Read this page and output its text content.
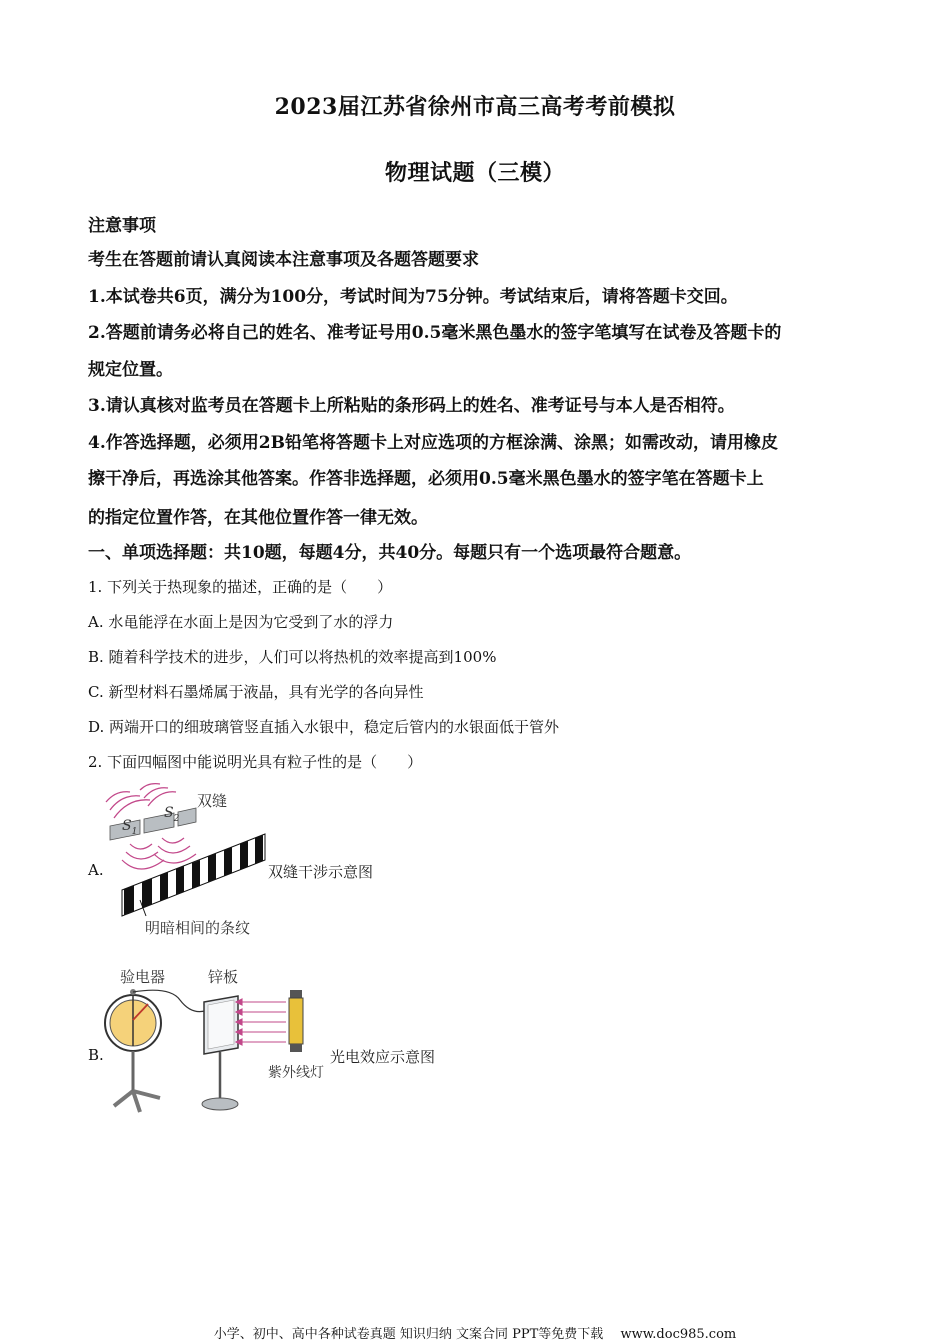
2023届江苏省徐州市高三高考考前模拟
物理试题（三模）
注意事项
考生在答题前请认真阅读本注意事项及各题答题要求
1.本试卷共6页，满分为100分，考试时间为75分钟。考试结束后，请将答题卡交回。
2.答题前请务必将自己的姓名、准考证号用0.5毫米黑色墨水的签字笔填写在试卷及答题卡的
规定位置。
3.请认真核对监考员在答题卡上所粘贴的条形码上的姓名、准考证号与本人是否相符。
4.作答选择题，必须用2B铅笔将答题卡上对应选项的方框涂满、涂黑；如需改动，请用橡皮
擦干净后，再选涂其他答案。作答非选择题，必须用0.5毫米黑色墨水的签字笔在答题卡上
的指定位置作答，在其他位置作答一律无效。
一、单项选择题：共10题，每题4分，共40分。每题只有一个选项最符合题意。
1. 下列关于热现象的描述，正确的是（　　）
A. 水黾能浮在水面上是因为它受到了水的浮力
B. 随着科学技术的进步，人们可以将热机的效率提高到100%
C. 新型材料石墨烯属于液晶，具有光学的各向异性
D. 两端开口的细玻璃管竖直插入水银中，稳定后管内的水银面低于管外
2. 下面四幅图中能说明光具有粒子性的是（　　）
A.
双缝
$S_1$
$S_2$
明暗相间的条纹
双缝干涉示意图
B.
验电器	锌板
紫外线灯
光电效应示意图
小学、初中、高中各种试卷真题 知识归纳 文案合同 PPT等免费下载　 www.doc985.com
